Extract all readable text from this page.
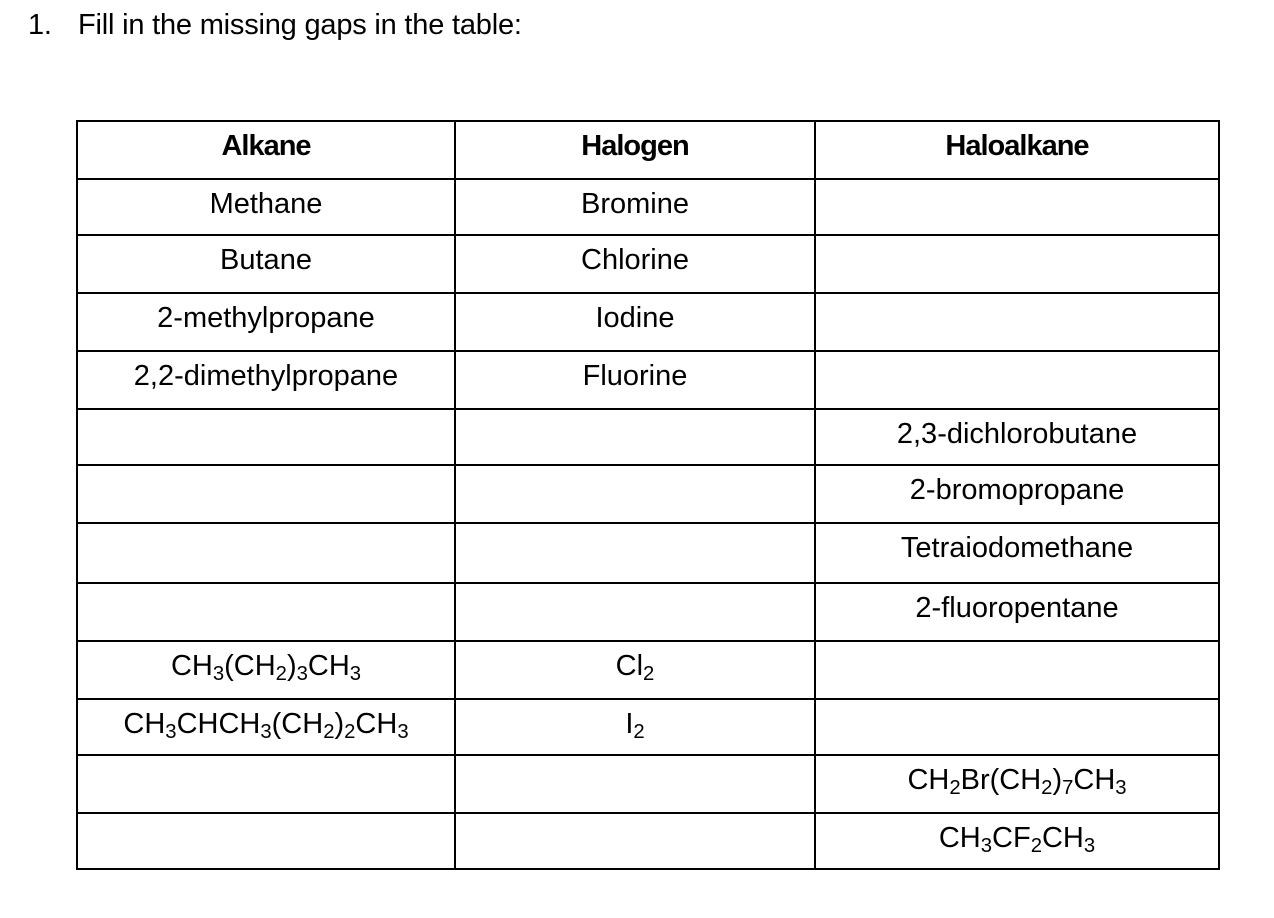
1. Fill in the missing gaps in the table:
Alkane	Halogen	Haloalkane
Methane	Bromine	
Butane	Chlorine	
2-methylpropane	Iodine	
2,2-dimethylpropane	Fluorine	
		2,3-dichlorobutane
		2-bromopropane
		Tetraiodomethane
		2-fluoropentane
$CH_3(CH_2)_3CH_3$	$Cl_2$	
$CH_3CHCH_3(CH_2)_2CH_3$	$I_2$	
		$CH_2Br(CH_2)_7CH_3$
		$CH_3CF_2CH_3$
